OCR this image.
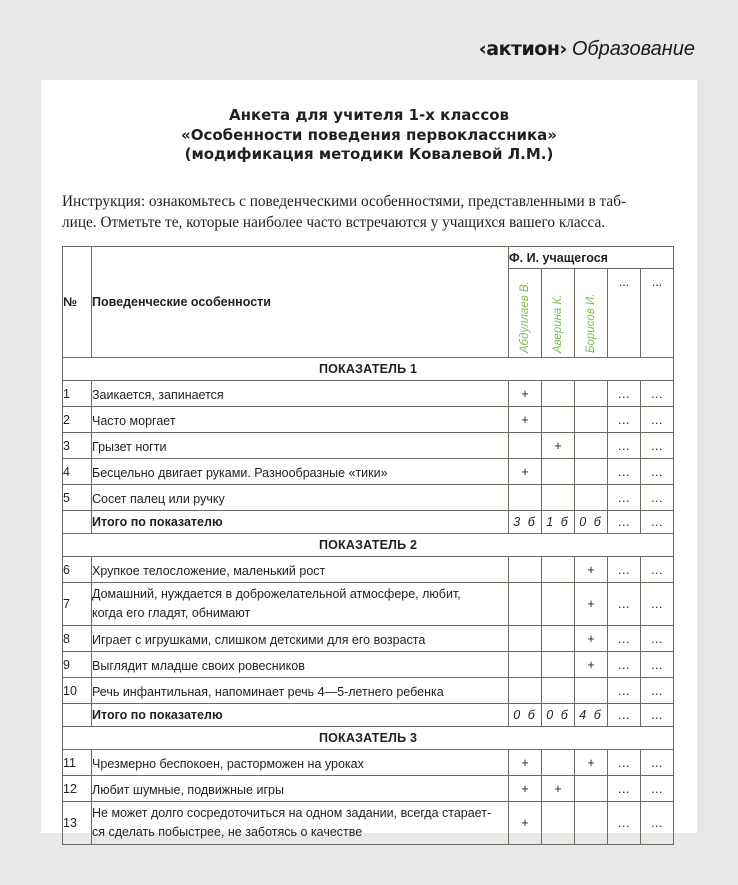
‹актион› Образование
Анкета для учителя 1-х классов
«Особенности поведения первоклассника»
(модификация методики Ковалевой Л.М.)
Инструкция: ознакомьтесь с поведенческими особенностями, представленными в таб-
лице. Отметьте те, которые наиболее часто встречаются у учащихся вашего класса.
№	Поведенческие особенности	Ф. И. учащегося				

		Абдуллаев В.	Аверина К.	Борисов И.	...	...
ПОКАЗАТЕЛЬ 1						
1	Заикается, запинается	+			...	...
2	Часто моргает	+			...	...
3	Грызет ногти		+		...	...
4	Бесцельно двигает руками. Разнообразные «тики»	+			...	...
5	Сосет палец или ручку				...	...
	Итого по показателю	3 б	1 б	0 б	...	...
ПОКАЗАТЕЛЬ 2						
6	Хрупкое телосложение, маленький рост			+	...	...
7	Домашний, нуждается в доброжелательной атмосфере, любит,
когда его гладят, обнимают			+	...	...
8	Играет с игрушками, слишком детскими для его возраста			+	...	...
9	Выглядит младше своих ровесников			+	...	...
10	Речь инфантильная, напоминает речь 4—5-летнего ребенка				...	...
	Итого по показателю	0 б	0 б	4 б	...	...
ПОКАЗАТЕЛЬ 3						
11	Чрезмерно беспокоен, расторможен на уроках	+		+	...	...
12	Любит шумные, подвижные игры	+	+		...	...
13	Не может долго сосредоточиться на одном задании, всегда старает-
ся сделать побыстрее, не заботясь о качестве	+			...	...
